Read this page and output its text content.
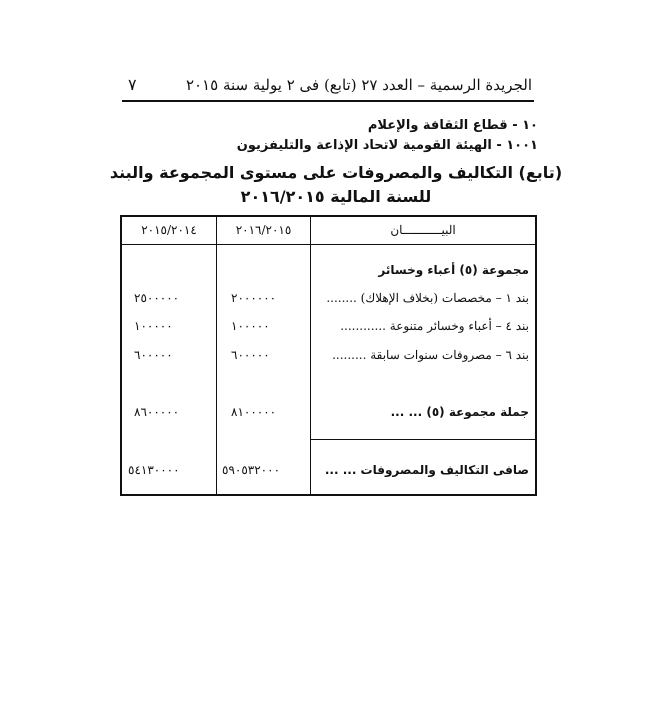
الجريدة الرسمية – العدد ٢٧ (تابع) فى ٢ يولية سنة ٢٠١٥
٧
١٠ - قطاع الثقافة والإعلام
١٠٠١ - الهيئة القومية لاتحاد الإذاعة والتليفزيون
(تابع) التكاليف والمصروفات على مستوى المجموعة والبند
للسنة المالية ٢٠١٦/٢٠١٥
البيـــــــــــان
٢٠١٦/٢٠١٥
٢٠١٥/٢٠١٤
مجموعة (٥) أعباء وخسائر
بند ١ – مخصصات (بخلاف الإهلاك) ........
٢٠٠٠٠٠٠
٢٥٠٠٠٠٠
بند ٤ – أعباء وخسائر متنوعة ............
١٠٠٠٠٠
١٠٠٠٠٠
بند ٦ – مصروفات سنوات سابقة .........
٦٠٠٠٠٠
٦٠٠٠٠٠
جملة مجموعة (٥) ... ...
٨١٠٠٠٠٠
٨٦٠٠٠٠٠
صافى التكاليف والمصروفات ... ...
٥٩٠٥٣٢٠٠٠
٥٤١٣٠٠٠٠
